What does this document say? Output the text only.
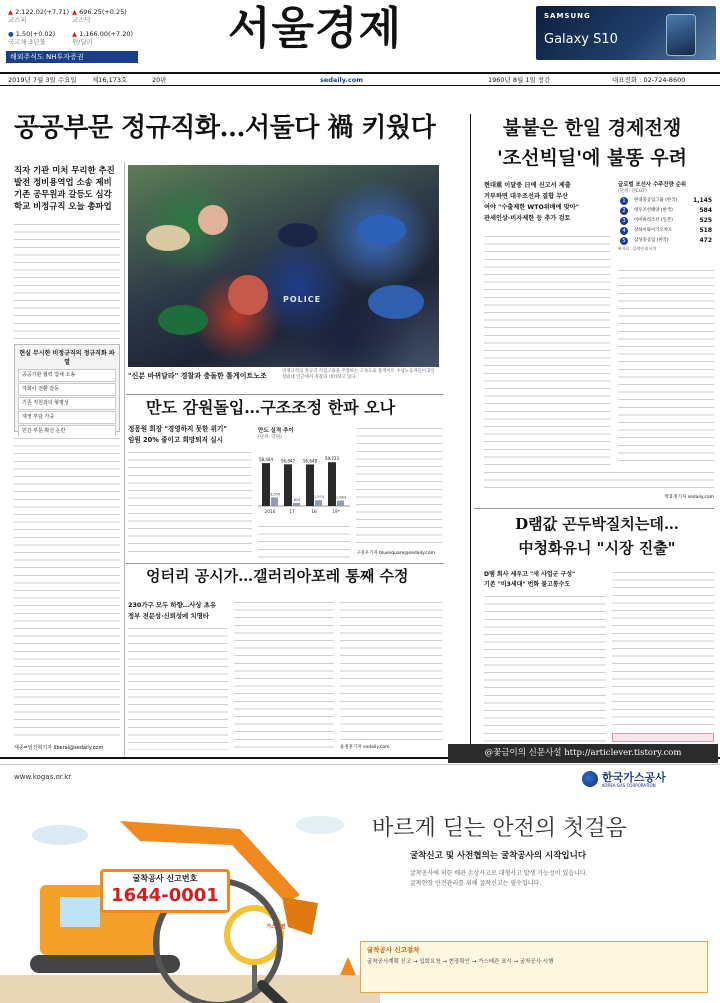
▲ 2,122.02(+7.71)
코스피
▲ 696.25(+0.25)
코스닥
● 1.50(+0.02)
국고채 3년물
▲ 1,166.00(+7.20)
원/달러
해외주식도 NH투자증권
서울경제	SAMSUNG
Galaxy S10
2019년 7월 3일 수요일 제16,173호	20판	sedaily.com	1960년 8월 1일 창간	대표전화 : 02-724-8600
공공부문 정규직화…서둘다 禍 키웠다
직자 기관 미처 무리한 추진
발전 정비용역업 소송 제비
기존 공무원과 갈등도 심각
학교 비정규직 오늘 총파업
현실 무시한 비정규직의 정규직화 파열
공공기관 협력 업체 소송
자회사 전환 갈등
기존 직원과의 형평성
재정 부담 가중
민간 부문 확산 논란
세종=임진혁기자 liberal@sedaily.com
POLICE
"신분 바뀌달라" 경찰과 충돌한 톨게이트노조
비정규직의 정규직 직접고용을 주장하는 고속도로 톨게이트 수납노동자들이 2일 청와대 인근에서 경찰과 대치하고 있다.
만도 감원돌입…구조조정 한파 오나
정몽원 회장 "경영하지 못한 위기"
임원 20% 줄이고 희망퇴직 실시
만도 실적 추이
(단위: 억원)
58,444
3,050
2016
56,847
825
17
56,648
1,974
18
59,723
1,864
19*
구경우기자 bluesquare@sedaily.com
엉터리 공시가…갤러리아포레 통째 수정
230가구 모두 하향…사상 초유
정부 전문성·신뢰성에 치명타
윤정훈기자 sedaily.com
불붙은 한일 경제전쟁
'조선빅딜'에 불똥 우려
현대重 이달중 日에 신고서 제출
거부하면 대우조선과 결합 무산
여야 "수출제한 WTO위배에 맞아"
관세인상·비자제한 등 추가 검토
글로벌 조선사 수주잔량 순위
(단위: 만CGT)
1	현대중공업그룹 (한국)	1,145
2	대우조선해양 (한국)	584
3	이마바리조선 (일본)	525
4	상하이와이가오차오	518
5	삼성중공업 (한국)	472
※자료: 클락슨리서치
박효정기자 sedaily.com
D램값 곤두박질치는데…
中청화유니 "시장 진출"
D램 회사 세우고 "새 사업군 구성"
기존 "비3세대" 번화 불고통수도
@꽃금이의 신문사설 http://articlever.tistory.com
www.kogas.or.kr	한국가스공사
KOREA GAS CORPORATION
가스안전
굴착공사 신고번호
1644-0001
바르게 딛는 안전의 첫걸음
굴착신고 및 사전협의는 굴착공사의 시작입니다
굴착공사에 의한 배관 손상사고로 대형사고 발생 가능성이 있습니다.
굴착현장 안전관리를 위해 굴착신고는 필수입니다.
굴착공사 신고절차
굴착공사계획 신고 → 입회요청 → 현장확인 → 가스배관 표시 → 굴착공사 시행
